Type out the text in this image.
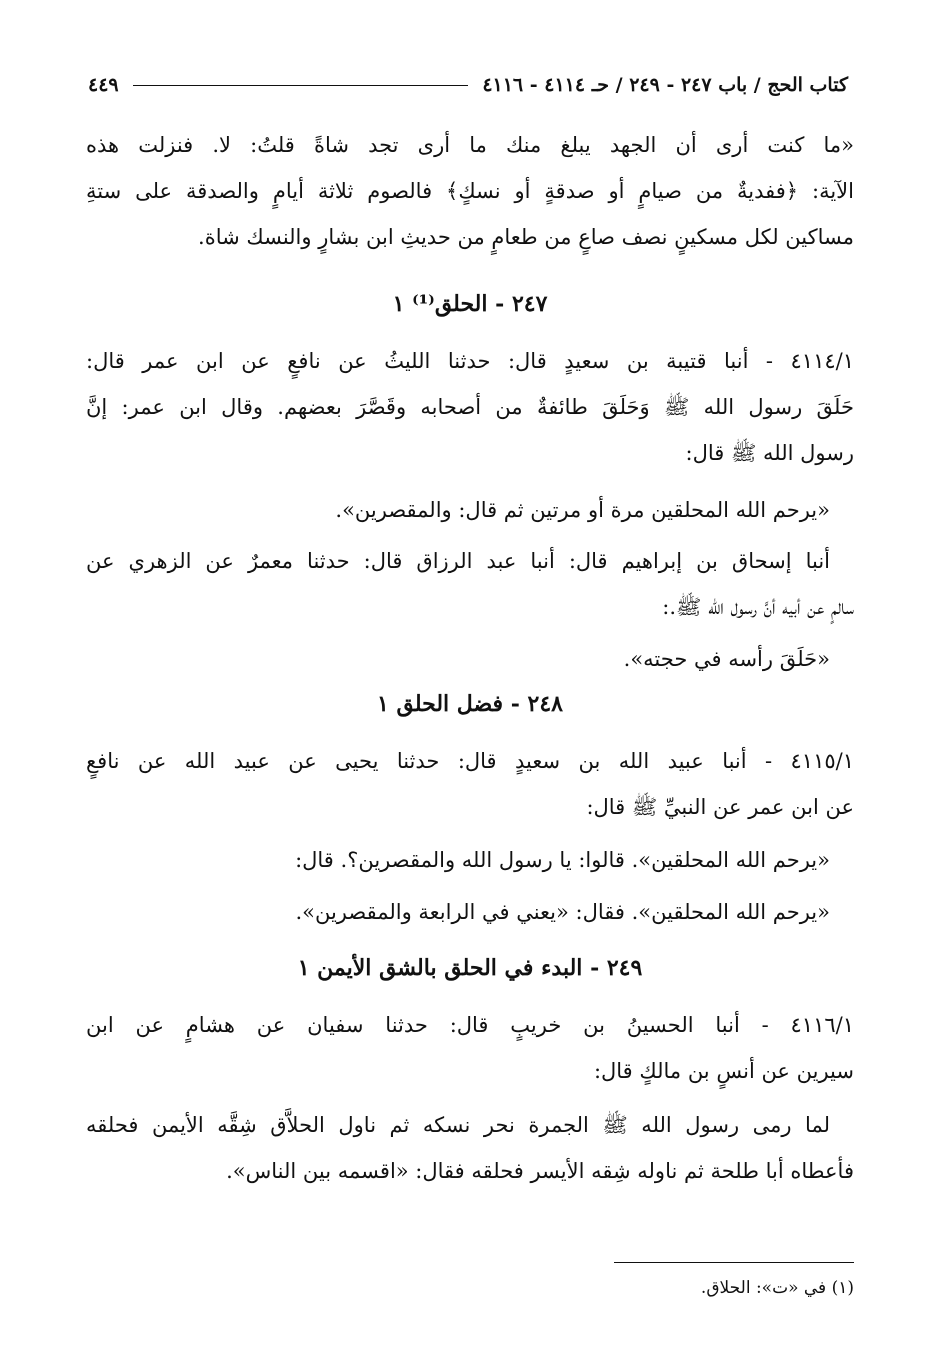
كتاب الحج / باب ٢٤٧ - ٢٤٩ / حـ ٤١١٤ - ٤١١٦
٤٤٩
«ما كنت أرى أن الجهد يبلغ منك ما أرى تجد شاةً قلتُ: لا. فنزلت هذه
الآية: ﴿ففديةٌ من صيامٍ أو صدقةٍ أو نسكٍ﴾ فالصوم ثلاثة أيامٍ والصدقة على ستةِ
مساكين لكل مسكينٍ نصف صاعٍ من طعامٍ من حديثِ ابن بشارٍ والنسك شاة.
٢٤٧ - الحلق⁽¹⁾ ١
٤١١٤/١ - أنبا قتيبة بن سعيدٍ قال: حدثنا الليثُ عن نافعٍ عن ابن عمر قال:
حَلَقَ رسول الله ﷺ وَحَلَقَ طائفةٌ من أصحابه وقَصَّرَ بعضهم. وقال ابن عمر: إنَّ
رسول الله ﷺ قال:
«يرحم الله المحلقين مرة أو مرتين ثم قال: والمقصرين».
أنبا إسحاق بن إبراهيم قال: أنبا عبد الرزاق قال: حدثنا معمرٌ عن الزهري عن
سالمٍ عن أبيه أنَّ رسول الله ﷺ.:
«حَلَقَ رأسه في حجته».
٢٤٨ - فضل الحلق ١
٤١١٥/١ - أنبا عبيد الله بن سعيدٍ قال: حدثنا يحيى عن عبيد الله عن نافعٍ
عن ابن عمر عن النبيِّ ﷺ قال:
«يرحم الله المحلقين». قالوا: يا رسول الله والمقصرين؟. قال:
«يرحم الله المحلقين». فقال: «يعني في الرابعة والمقصرين».
٢٤٩ - البدء في الحلق بالشق الأيمن ١
٤١١٦/١ - أنبا الحسينُ بن خريبٍ قال: حدثنا سفيان عن هشامٍ عن ابن
سيرين عن أنسٍ بن مالكٍ قال:
لما رمى رسول الله ﷺ الجمرة نحر نسكه ثم ناول الحلاَّق شِقَّه الأيمن فحلقه
فأعطاه أبا طلحة ثم ناوله شِقه الأيسر فحلقه فقال: «اقسمه بين الناس».
(١) في «ت»: الحلاق.
